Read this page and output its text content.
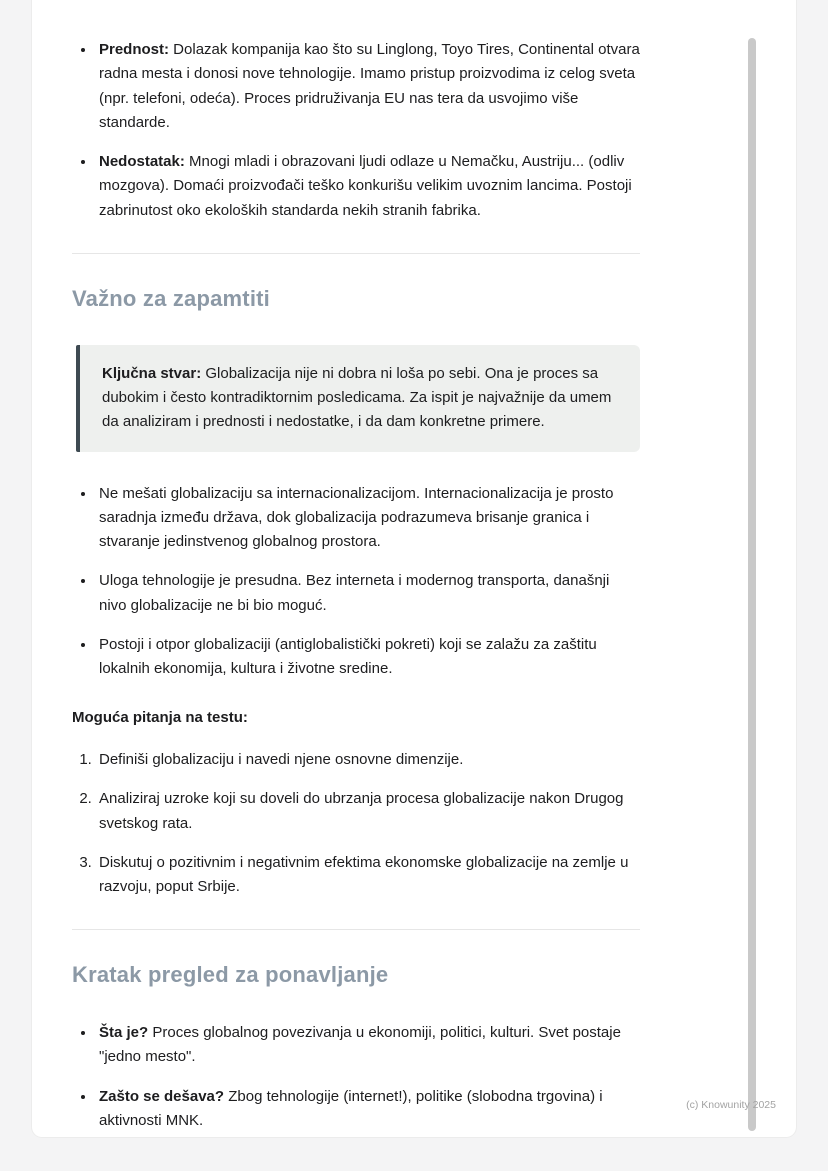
• Prednost: Dolazak kompanija kao što su Linglong, Toyo Tires, Continental otvara radna mesta i donosi nove tehnologije. Imamo pristup proizvodima iz celog sveta (npr. telefoni, odeća). Proces pridruživanja EU nas tera da usvojimo više standarde.
• Nedostatak: Mnogi mladi i obrazovani ljudi odlaze u Nemačku, Austriju... (odliv mozgova). Domaći proizvođači teško konkurišu velikim uvoznim lancima. Postoji zabrinutost oko ekoloških standarda nekih stranih fabrika.
Važno za zapamtiti

Ključna stvar: Globalizacija nije ni dobra ni loša po sebi. Ona je proces sa dubokim i često kontradiktornim posledicama. Za ispit je najvažnije da umem da analiziram i prednosti i nedostatke, i da dam konkretne primere.

• Ne mešati globalizaciju sa internacionalizacijom. Internacionalizacija je prosto saradnja između država, dok globalizacija podrazumeva brisanje granica i stvaranje jedinstvenog globalnog prostora.
• Uloga tehnologije je presudna. Bez interneta i modernog transporta, današnji nivo globalizacije ne bi bio moguć.
• Postoji i otpor globalizaciji (antiglobalistički pokreti) koji se zalažu za zaštitu lokalnih ekonomija, kultura i životne sredine.

Moguća pitanja na testu:

1. Definiši globalizaciju i navedi njene osnovne dimenzije.
2. Analiziraj uzroke koji su doveli do ubrzanja procesa globalizacije nakon Drugog svetskog rata.
3. Diskutuj o pozitivnim i negativnim efektima ekonomske globalizacije na zemlje u razvoju, poput Srbije.
Kratak pregled za ponavljanje
• Šta je? Proces globalnog povezivanja u ekonomiji, politici, kulturi. Svet postaje "jedno mesto".
• Zašto se dešava? Zbog tehnologije (internet!), politike (slobodna trgovina) i aktivnosti MNK.
(c) Knowunity 2025
